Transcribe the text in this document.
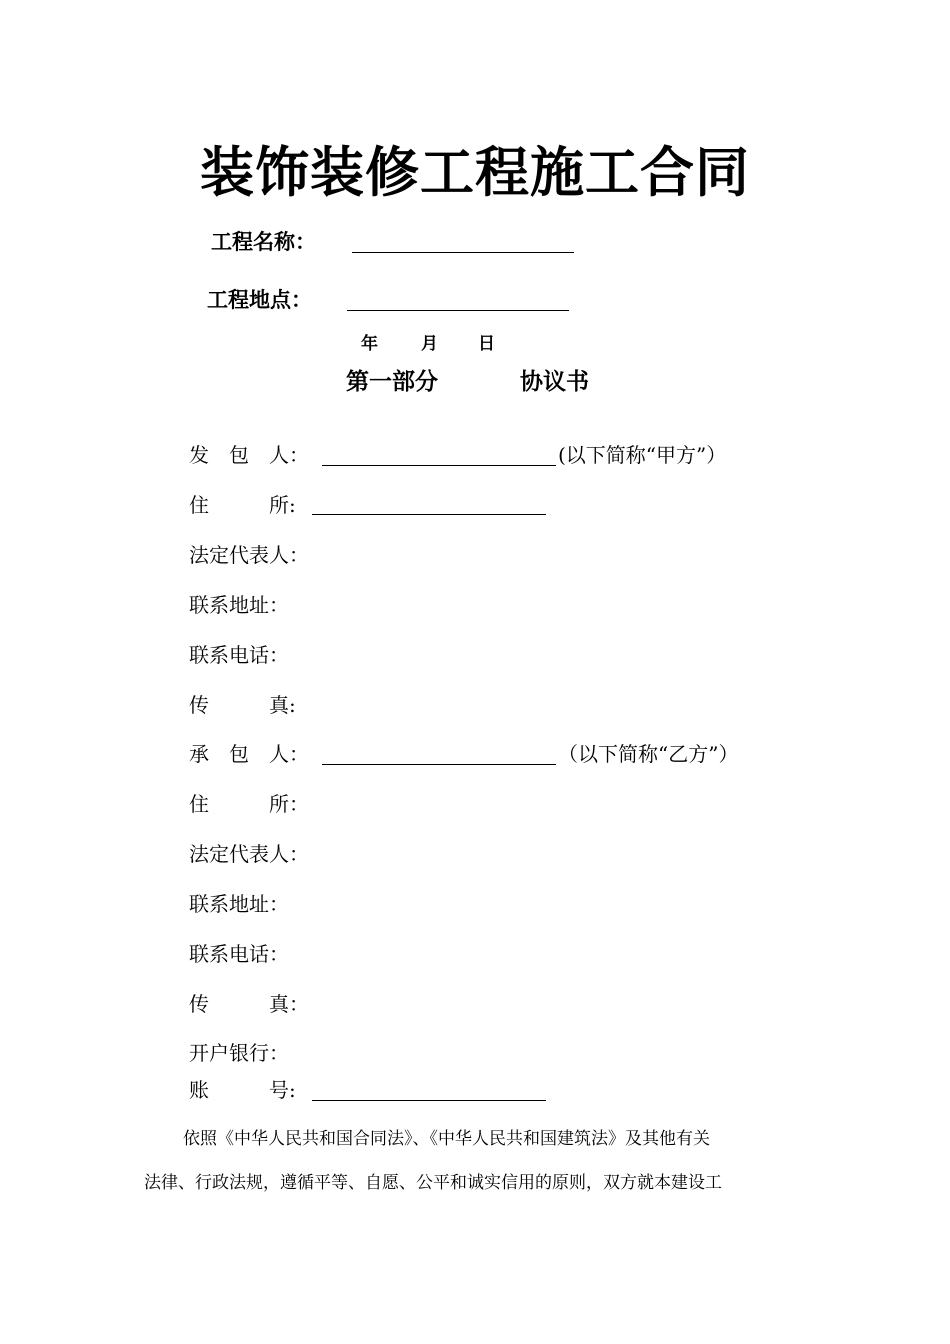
装饰装修工程施工合同
工程名称：
工程地点：
年	月 日
第一部分	协议书
发　包　人：	(以下简称“甲方”）
住　　　所:
法定代表人：
联系地址：
联系电话：
传　　　真:
承　包　人：	（以下简称“乙方”）
住　　　所：
法定代表人：
联系地址：
联系电话：
传　　　真：
开户银行：
账　　　号:
依照《中华人民共和国合同法》、《中华人民共和国建筑法》及其他有关
法律、行政法规，遵循平等、自愿、公平和诚实信用的原则，双方就本建设工
